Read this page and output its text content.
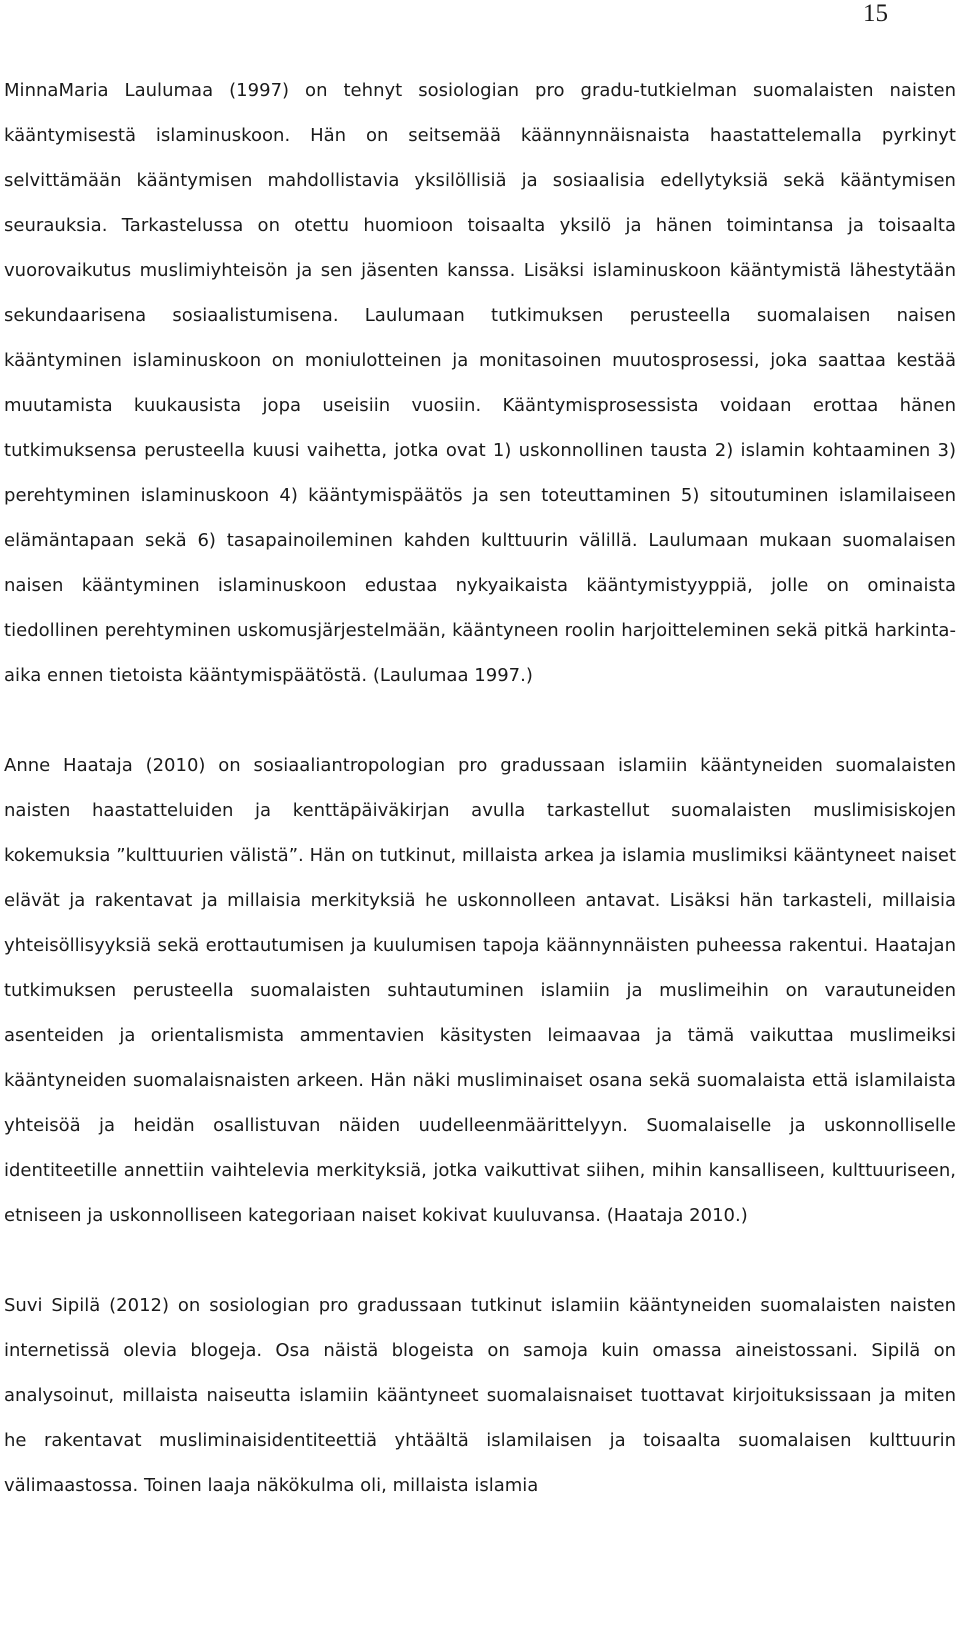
15

MinnaMaria Laulumaa (1997) on tehnyt sosiologian pro gradu-tutkielman suomalaisten naisten kääntymisestä islaminuskoon. Hän on seitsemää käännynnäisnaista haastattelemalla pyrkinyt selvittämään kääntymisen mahdollistavia yksilöllisiä ja sosiaalisia edellytyksiä sekä kääntymisen seurauksia. Tarkastelussa on otettu huomioon toisaalta yksilö ja hänen toimintansa ja toisaalta vuorovaikutus muslimiyhteisön ja sen jäsenten kanssa. Lisäksi islaminuskoon kääntymistä lähestytään sekundaarisena sosiaalistumisena. Laulumaan tutkimuksen perusteella suomalaisen naisen kääntyminen islaminuskoon on moniulotteinen ja monitasoinen muutosprosessi, joka saattaa kestää muutamista kuukausista jopa useisiin vuosiin. Kääntymisprosessista voidaan erottaa hänen tutkimuksensa perusteella kuusi vaihetta, jotka ovat 1) uskonnollinen tausta 2) islamin kohtaaminen 3) perehtyminen islaminuskoon 4) kääntymispäätös ja sen toteuttaminen 5) sitoutuminen islamilaiseen elämäntapaan sekä 6) tasapainoileminen kahden kulttuurin välillä. Laulumaan mukaan suomalaisen naisen kääntyminen islaminuskoon edustaa nykyaikaista kääntymistyyppiä, jolle on ominaista tiedollinen perehtyminen uskomusjärjestelmään, kääntyneen roolin harjoitteleminen sekä pitkä harkinta-aika ennen tietoista kääntymispäätöstä. (Laulumaa 1997.)

Anne Haataja (2010) on sosiaaliantropologian pro gradussaan islamiin kääntyneiden suomalaisten naisten haastatteluiden ja kenttäpäiväkirjan avulla tarkastellut suomalaisten muslimisiskojen kokemuksia ”kulttuurien välistä”. Hän on tutkinut, millaista arkea ja islamia muslimiksi kääntyneet naiset elävät ja rakentavat ja millaisia merkityksiä he uskonnolleen antavat. Lisäksi hän tarkasteli, millaisia yhteisöllisyyksiä sekä erottautumisen ja kuulumisen tapoja käännynnäisten puheessa rakentui. Haatajan tutkimuksen perusteella suomalaisten suhtautuminen islamiin ja muslimeihin on varautuneiden asenteiden ja orientalismista ammentavien käsitysten leimaavaa ja tämä vaikuttaa muslimeiksi kääntyneiden suomalaisnaisten arkeen. Hän näki musliminaiset osana sekä suomalaista että islamilaista yhteisöä ja heidän osallistuvan näiden uudelleenmäärittelyyn. Suomalaiselle ja uskonnolliselle identiteetille annettiin vaihtelevia merkityksiä, jotka vaikuttivat siihen, mihin kansalliseen, kulttuuriseen, etniseen ja uskonnolliseen kategoriaan naiset kokivat kuuluvansa. (Haataja 2010.)

Suvi Sipilä (2012) on sosiologian pro gradussaan tutkinut islamiin kääntyneiden suomalaisten naisten internetissä olevia blogeja. Osa näistä blogeista on samoja kuin omassa aineistossani. Sipilä on analysoinut, millaista naiseutta islamiin kääntyneet suomalaisnaiset tuottavat kirjoituksissaan ja miten he rakentavat musliminaisidentiteettiä yhtäältä islamilaisen ja toisaalta suomalaisen kulttuurin välimaastossa. Toinen laaja näkökulma oli, millaista islamia
